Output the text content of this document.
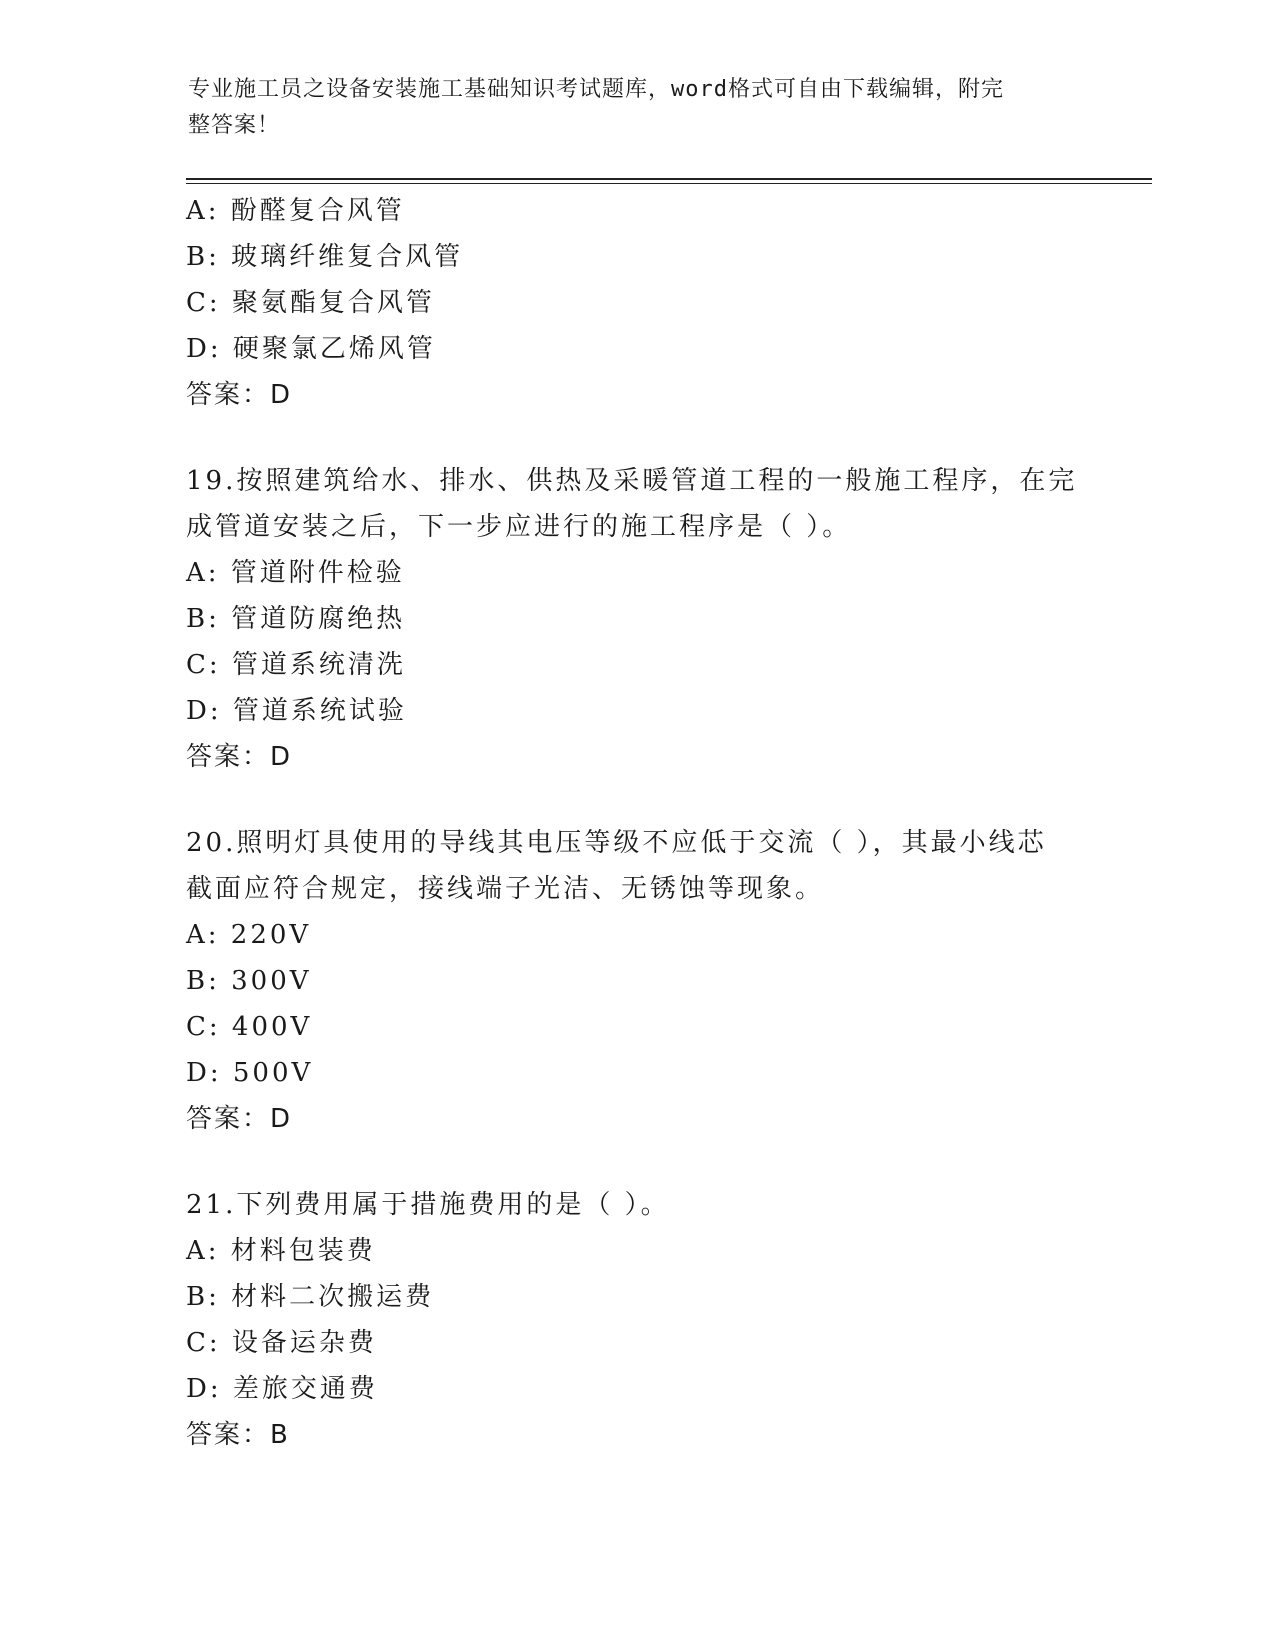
专业施工员之设备安装施工基础知识考试题库，word格式可自由下载编辑，附完
整答案！
A: 酚醛复合风管
B: 玻璃纤维复合风管
C: 聚氨酯复合风管
D: 硬聚氯乙烯风管
答案：D
19.按照建筑给水、排水、供热及采暖管道工程的一般施工程序，在完
成管道安装之后，下一步应进行的施工程序是（ ）。
A: 管道附件检验
B: 管道防腐绝热
C: 管道系统清洗
D: 管道系统试验
答案：D
20.照明灯具使用的导线其电压等级不应低于交流（ ），其最小线芯
截面应符合规定，接线端子光洁、无锈蚀等现象。
A: 220V
B: 300V
C: 400V
D: 500V
答案：D
21.下列费用属于措施费用的是（ ）。
A: 材料包装费
B: 材料二次搬运费
C: 设备运杂费
D: 差旅交通费
答案：B
